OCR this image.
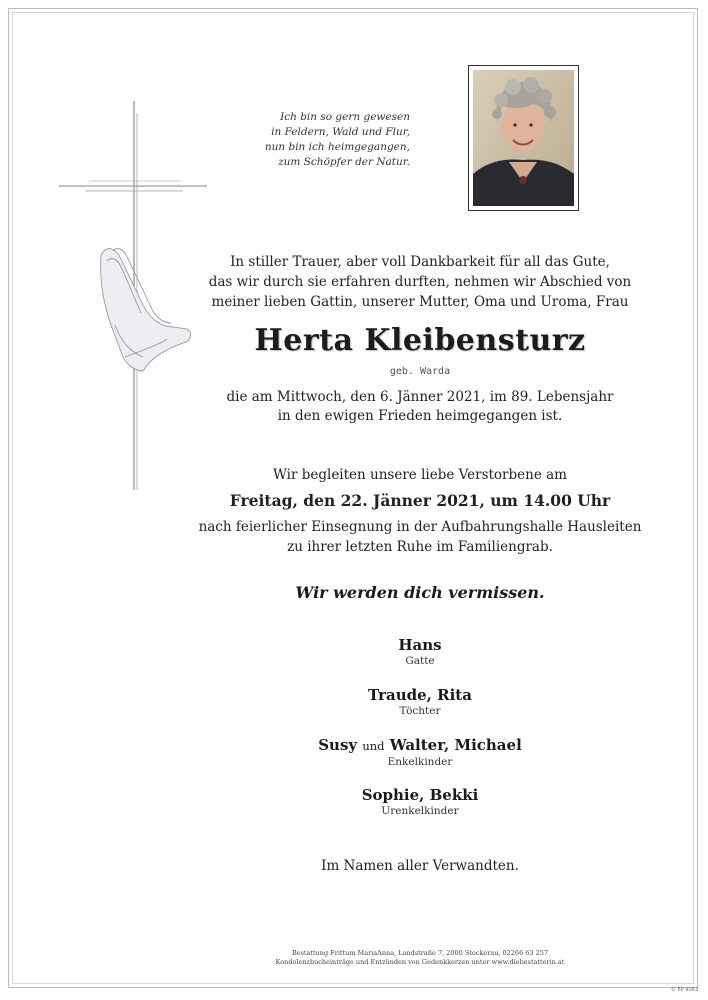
Ich bin so gern gewesen
in Feldern, Wald und Flur,
nun bin ich heimgegangen,
zum Schöpfer der Natur.
In stiller Trauer, aber voll Dankbarkeit für all das Gute,
das wir durch sie erfahren durften, nehmen wir Abschied von
meiner lieben Gattin, unserer Mutter, Oma und Uroma, Frau
Herta Kleibensturz
geb. Warda
die am Mittwoch, den 6. Jänner 2021, im 89. Lebensjahr
in den ewigen Frieden heimgegangen ist.
Wir begleiten unsere liebe Verstorbene am
Freitag, den 22. Jänner 2021, um 14.00 Uhr
nach feierlicher Einsegnung in der Aufbahrungshalle Hausleiten
zu ihrer letzten Ruhe im Familiengrab.
Wir werden dich vermissen.
Hans
Gatte
Traude, Rita
Töchter
Susy und Walter, Michael
Enkelkinder
Sophie, Bekki
Urenkelkinder
Im Namen aller Verwandten.
Bestattung Frittum MariaAnna, Landstraße 7, 2000 Stockerau, 02266 63 257
Kondolenzbucheinträge und Entzünden von Gedenkkerzen unter www.diebestatterin.at
© EP 9063
